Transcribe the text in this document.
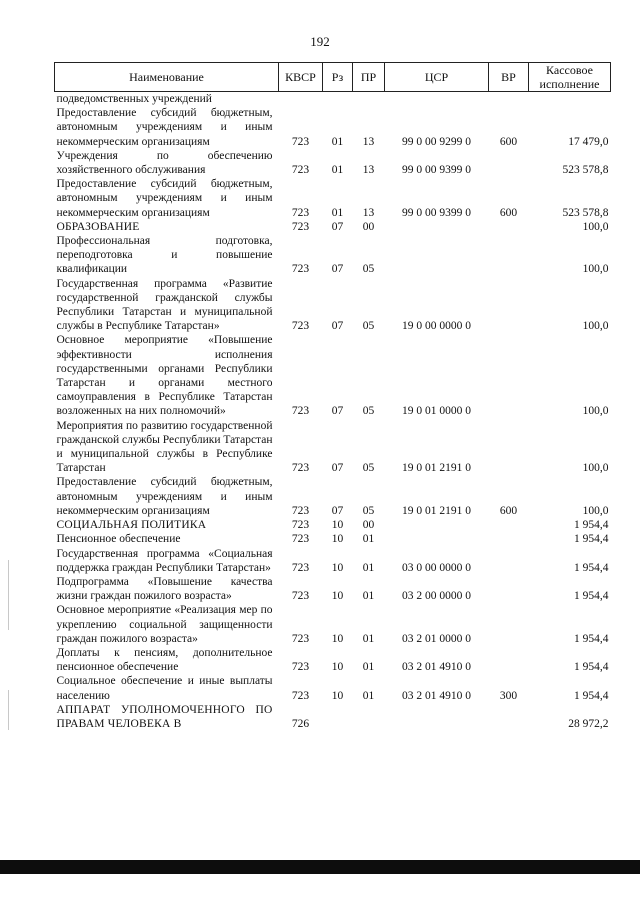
192
Наименование	КВСР	Рз	ПР	ЦСР	ВР	Кассовое исполнение
подведомственных учреждений						
Предоставление субсидий бюджетным, автономным учреждениям и иным некоммерческим организациям	723	01	13	99 0 00 9299 0	600	17 479,0
Учреждения по обеспечению хозяйственного обслуживания	723	01	13	99 0 00 9399 0		523 578,8
Предоставление субсидий бюджетным, автономным учреждениям и иным некоммерческим организациям	723	01	13	99 0 00 9399 0	600	523 578,8
ОБРАЗОВАНИЕ	723	07	00			100,0
Профессиональная подготовка, переподготовка и повышение квалификации	723	07	05			100,0
Государственная программа «Развитие государственной гражданской службы Республики Татарстан и муниципальной службы в Республике Татарстан»	723	07	05	19 0 00 0000 0		100,0
Основное мероприятие «Повышение эффективности исполнения государственными органами Республики Татарстан и органами местного самоуправления в Республике Татарстан возложенных на них полномочий»	723	07	05	19 0 01 0000 0		100,0
Мероприятия по развитию государственной гражданской службы Республики Татарстан и муниципальной службы в Республике Татарстан	723	07	05	19 0 01 2191 0		100,0
Предоставление субсидий бюджетным, автономным учреждениям и иным некоммерческим организациям	723	07	05	19 0 01 2191 0	600	100,0
СОЦИАЛЬНАЯ ПОЛИТИКА	723	10	00			1 954,4
Пенсионное обеспечение	723	10	01			1 954,4
Государственная программа «Социальная поддержка граждан Республики Татарстан»	723	10	01	03 0 00 0000 0		1 954,4
Подпрограмма «Повышение качества жизни граждан пожилого возраста»	723	10	01	03 2 00 0000 0		1 954,4
Основное мероприятие «Реализация мер по укреплению социальной защищенности граждан пожилого возраста»	723	10	01	03 2 01 0000 0		1 954,4
Доплаты к пенсиям, дополнительное пенсионное обеспечение	723	10	01	03 2 01 4910 0		1 954,4
Социальное обеспечение и иные выплаты населению	723	10	01	03 2 01 4910 0	300	1 954,4
АППАРАТ УПОЛНОМОЧЕННОГО ПО ПРАВАМ ЧЕЛОВЕКА В	726					28 972,2
